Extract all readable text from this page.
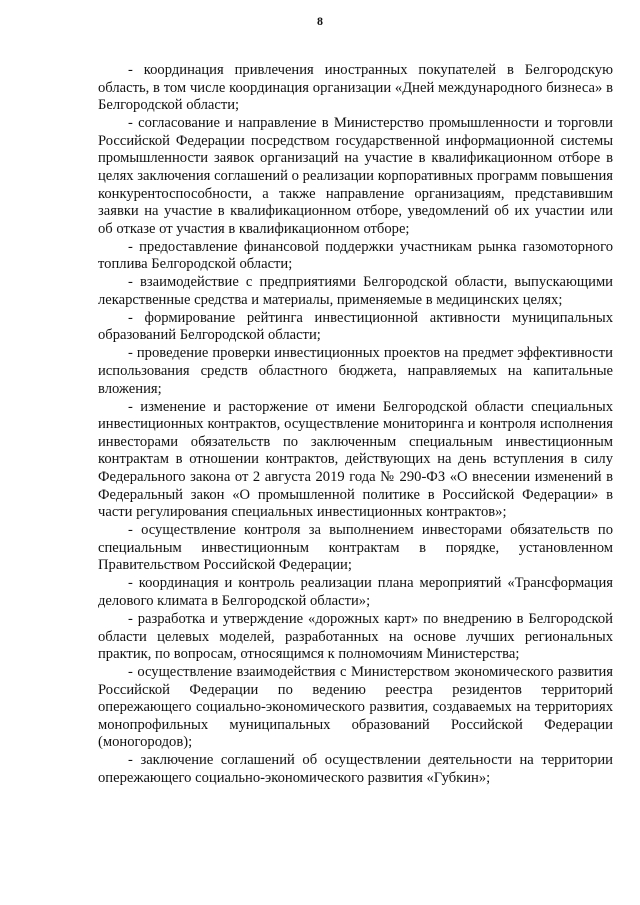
8

- координация привлечения иностранных покупателей в Белгородскую область, в том числе координация организации «Дней международного бизнеса» в Белгородской области;

- согласование и направление в Министерство промышленности и торговли Российской Федерации посредством государственной информационной системы промышленности заявок организаций на участие в квалификационном отборе в целях заключения соглашений о реализации корпоративных программ повышения конкурентоспособности, а также направление организациям, представившим заявки на участие в квалификационном отборе, уведомлений об их участии или об отказе от участия в квалификационном отборе;

- предоставление финансовой поддержки участникам рынка газомоторного топлива Белгородской области;

- взаимодействие с предприятиями Белгородской области, выпускающими лекарственные средства и материалы, применяемые в медицинских целях;

- формирование рейтинга инвестиционной активности муниципальных образований Белгородской области;

- проведение проверки инвестиционных проектов на предмет эффективности использования средств областного бюджета, направляемых на капитальные вложения;

- изменение и расторжение от имени Белгородской области специальных инвестиционных контрактов, осуществление мониторинга и контроля исполнения инвесторами обязательств по заключенным специальным инвестиционным контрактам в отношении контрактов, действующих на день вступления в силу Федерального закона от 2 августа 2019 года № 290-ФЗ «О внесении изменений в Федеральный закон «О промышленной политике в Российской Федерации» в части регулирования специальных инвестиционных контрактов»;

- осуществление контроля за выполнением инвесторами обязательств по специальным инвестиционным контрактам в порядке, установленном Правительством Российской Федерации;

- координация и контроль реализации плана мероприятий «Трансформация делового климата в Белгородской области»;

- разработка и утверждение «дорожных карт» по внедрению в Белгородской области целевых моделей, разработанных на основе лучших региональных практик, по вопросам, относящимся к полномочиям Министерства;

- осуществление взаимодействия с Министерством экономического развития Российской Федерации по ведению реестра резидентов территорий опережающего социально-экономического развития, создаваемых на территориях монопрофильных муниципальных образований Российской Федерации (моногородов);

- заключение соглашений об осуществлении деятельности на территории опережающего социально-экономического развития «Губкин»;
